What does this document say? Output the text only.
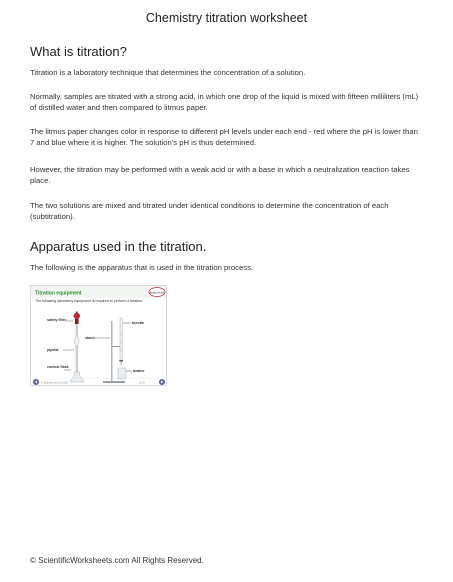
Chemistry titration worksheet
What is titration?

Titration is a laboratory technique that determines the concentration of a solution.

Normally, samples are titrated with a strong acid, in which one drop of the liquid is mixed with fifteen milliliters (mL) of distilled water and then compared to litmus paper.

The litmus paper changes color in response to different pH levels under each end - red where the pH is lower than 7 and blue where it is higher. The solution's pH is thus determined.

However, the titration may be performed with a weak acid or with a base in which a neutralization reaction takes place.

The two solutions are mixed and titrated under identical conditions to determine the concentration of each (subtitration).

Apparatus used in the titration.

The following is the apparatus that is used in the titration process.

Titration equipment	Board works
The following laboratory equipment is required to perform a titration:
safety filler
stand
burette
pipette
conical flask
beaker
© Boardworks Ltd 2007	of 16
© ScientificWorksheets.com All Rights Reserved.
